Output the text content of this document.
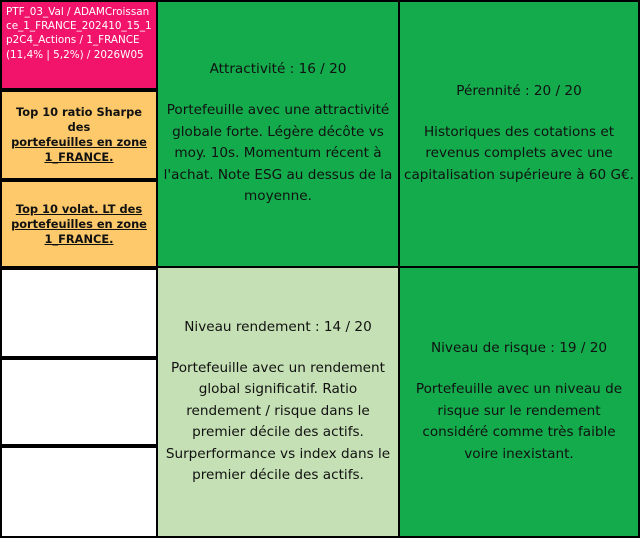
PTF_03_Val / ADAMCroissance_1_FRANCE_202410_15_1p2C4_Actions / 1_FRANCE (11,4% | 5,2%) / 2026W05
Top 10 ratio Sharpe des
portefeuilles en zone
1_FRANCE.
Top 10 volat. LT des
portefeuilles en zone
1_FRANCE.
Attractivité : 16 / 20
Portefeuille avec une attractivité globale forte. Légère décôte vs moy. 10s. Momentum récent à l'achat. Note ESG au dessus de la moyenne.
Pérennité : 20 / 20
Historiques des cotations et revenus complets avec une capitalisation supérieure à 60 G€.
Niveau rendement : 14 / 20
Portefeuille avec un rendement global significatif. Ratio rendement / risque dans le premier décile des actifs. Surperformance vs index dans le premier décile des actifs.
Niveau de risque : 19 / 20
Portefeuille avec un niveau de risque sur le rendement considéré comme très faible voire inexistant.
